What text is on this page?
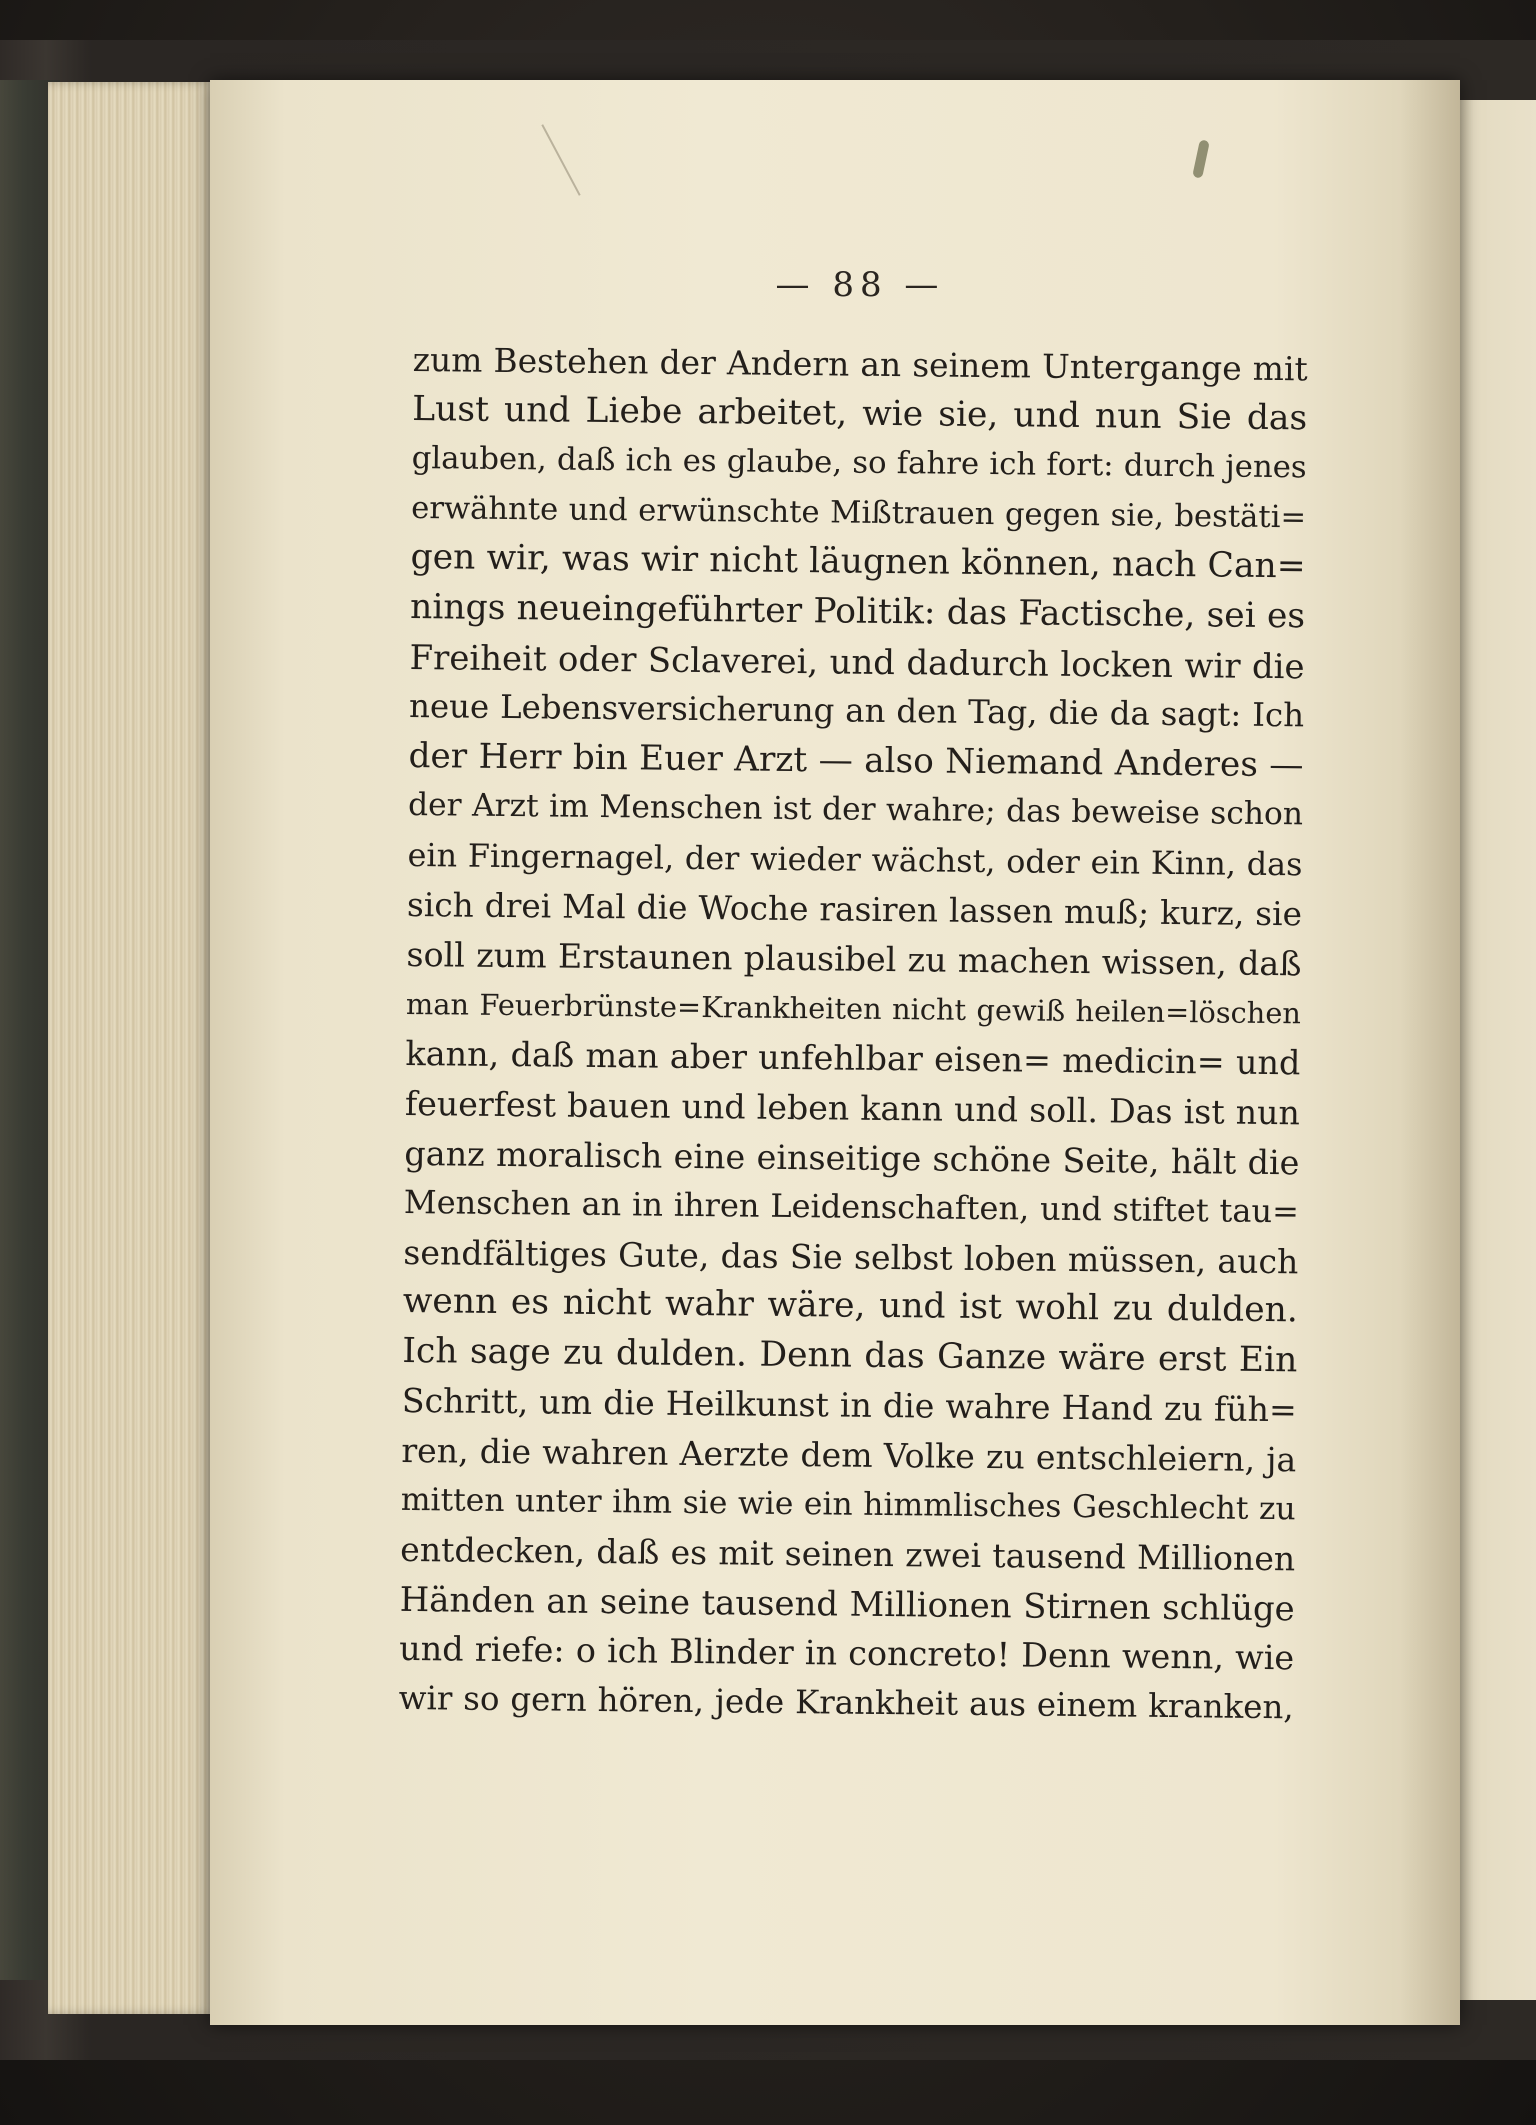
— 88 —
zum Bestehen der Andern an seinem Untergange mit
Lust und Liebe arbeitet, wie sie, und nun Sie das
glauben, daß ich es glaube, so fahre ich fort: durch jenes
erwähnte und erwünschte Mißtrauen gegen sie, bestäti=
gen wir, was wir nicht läugnen können, nach Can=
nings neueingeführter Politik: das Factische, sei es
Freiheit oder Sclaverei, und dadurch locken wir die
neue Lebensversicherung an den Tag, die da sagt: Ich
der Herr bin Euer Arzt — also Niemand Anderes —
der Arzt im Menschen ist der wahre; das beweise schon
ein Fingernagel, der wieder wächst, oder ein Kinn, das
sich drei Mal die Woche rasiren lassen muß; kurz, sie
soll zum Erstaunen plausibel zu machen wissen, daß
man Feuerbrünste=Krankheiten nicht gewiß heilen=löschen
kann, daß man aber unfehlbar eisen= medicin= und
feuerfest bauen und leben kann und soll. Das ist nun
ganz moralisch eine einseitige schöne Seite, hält die
Menschen an in ihren Leidenschaften, und stiftet tau=
sendfältiges Gute, das Sie selbst loben müssen, auch
wenn es nicht wahr wäre, und ist wohl zu dulden.
Ich sage zu dulden. Denn das Ganze wäre erst Ein
Schritt, um die Heilkunst in die wahre Hand zu füh=
ren, die wahren Aerzte dem Volke zu entschleiern, ja
mitten unter ihm sie wie ein himmlisches Geschlecht zu
entdecken, daß es mit seinen zwei tausend Millionen
Händen an seine tausend Millionen Stirnen schlüge
und riefe: o ich Blinder in concreto! Denn wenn, wie
wir so gern hören, jede Krankheit aus einem kranken,
